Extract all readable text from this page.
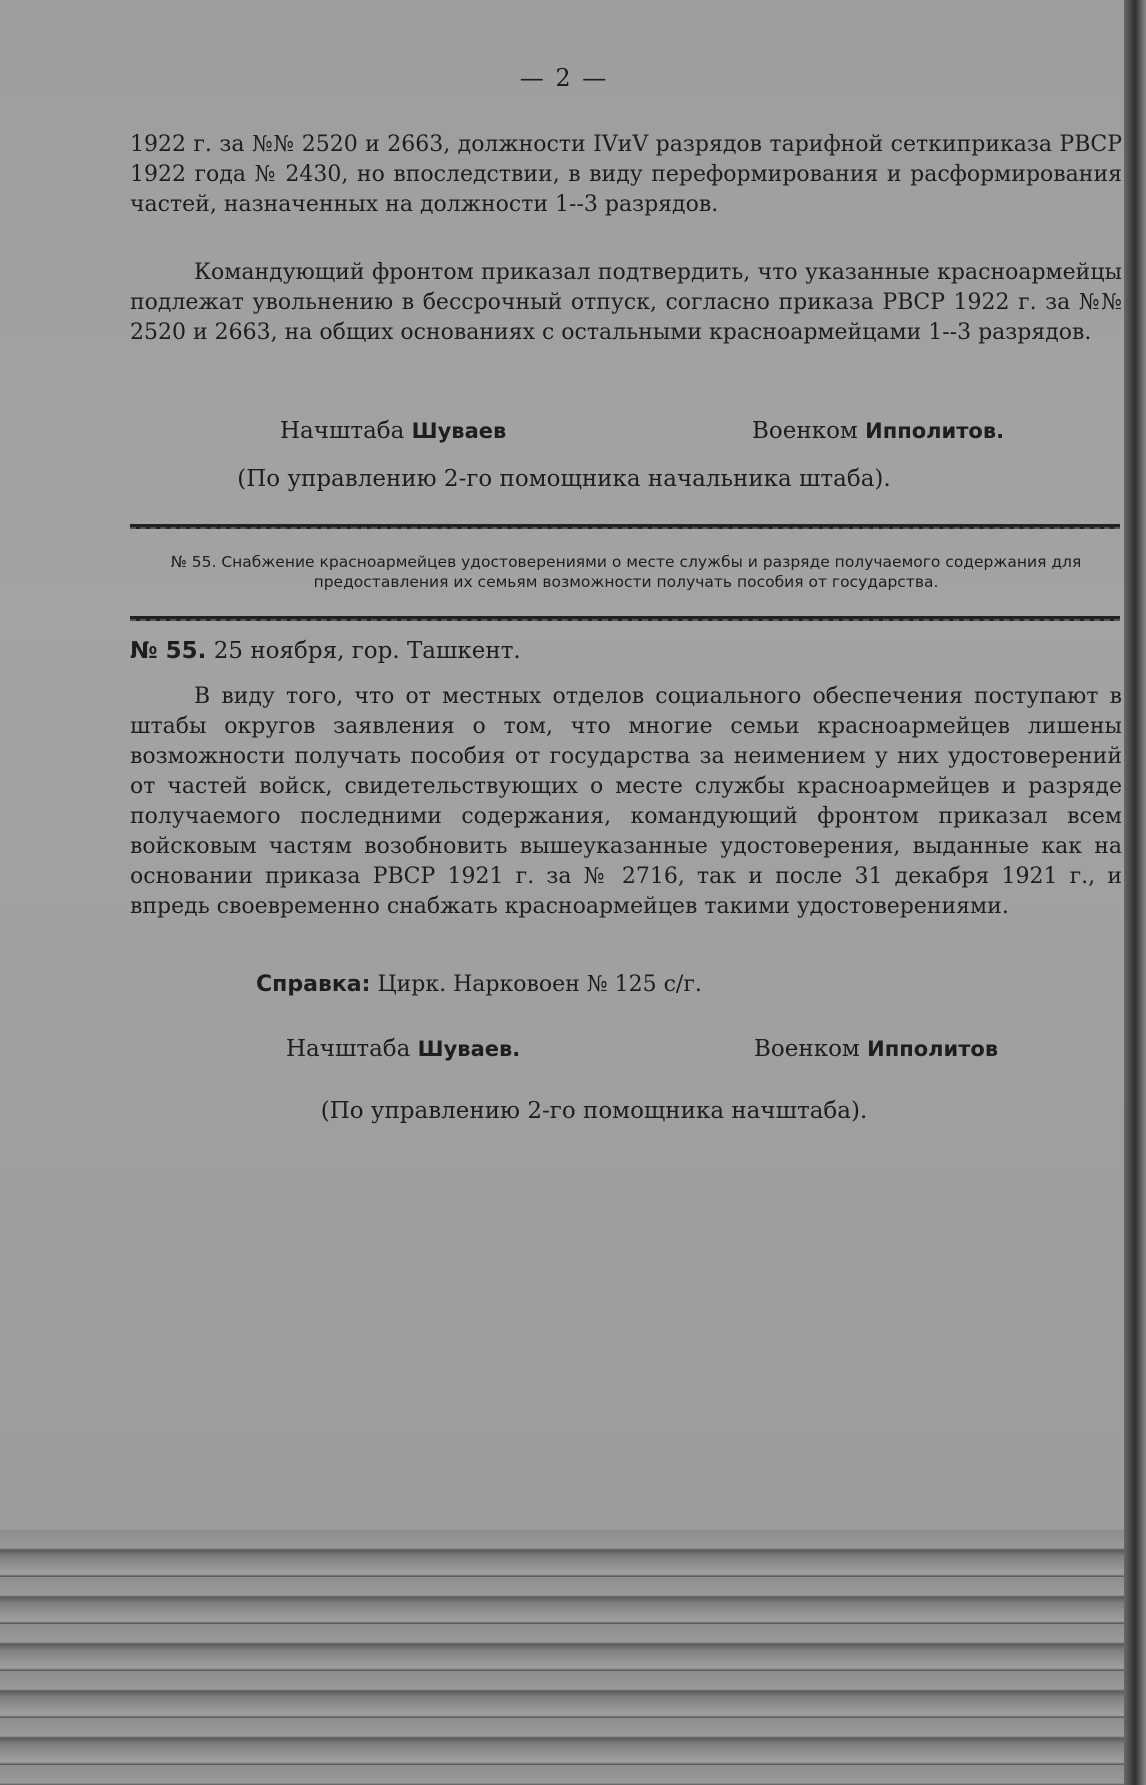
— 2 —

1922 г. за №№ 2520 и 2663, должности IVиV разрядов тарифной сеткиприказа РВСР 1922 года № 2430, но впоследствии, в виду переформирования и расформирования частей, назначенных на должности 1--3 разрядов.

Командующий фронтом приказал подтвердить, что указанные красноармейцы подлежат увольнению в бессрочный отпуск, согласно приказа РВСР 1922 г. за №№ 2520 и 2663, на общих основаниях с остальными красноармейцами 1--3 разрядов.

Начштаба Шуваев	Военком Ипполитов.
(По управлению 2-го помощника начальника штаба).
№ 55. Снабжение красноармейцев удостоверениями о месте службы и разряде получаемого содержания для предоставления их семьям возможности получать пособия от государства.
№ 55. 25 ноября, гор. Ташкент.

В виду того, что от местных отделов социального обеспечения поступают в штабы округов заявления о том, что многие семьи красноармейцев лишены возможности получать пособия от государства за неимением у них удостоверений от частей войск, свидетельствующих о месте службы красноармейцев и разряде получаемого последними содержания, командующий фронтом приказал всем войсковым частям возобновить вышеуказанные удостоверения, выданные как на основании приказа РВСР 1921 г. за № 2716, так и после 31 декабря 1921 г., и впредь своевременно снабжать красноармейцев такими удостоверениями.

Справка: Цирк. Нарковоен № 125 с/г.
Начштаба Шуваев.	Военком Ипполитов
(По управлению 2-го помощника начштаба).
